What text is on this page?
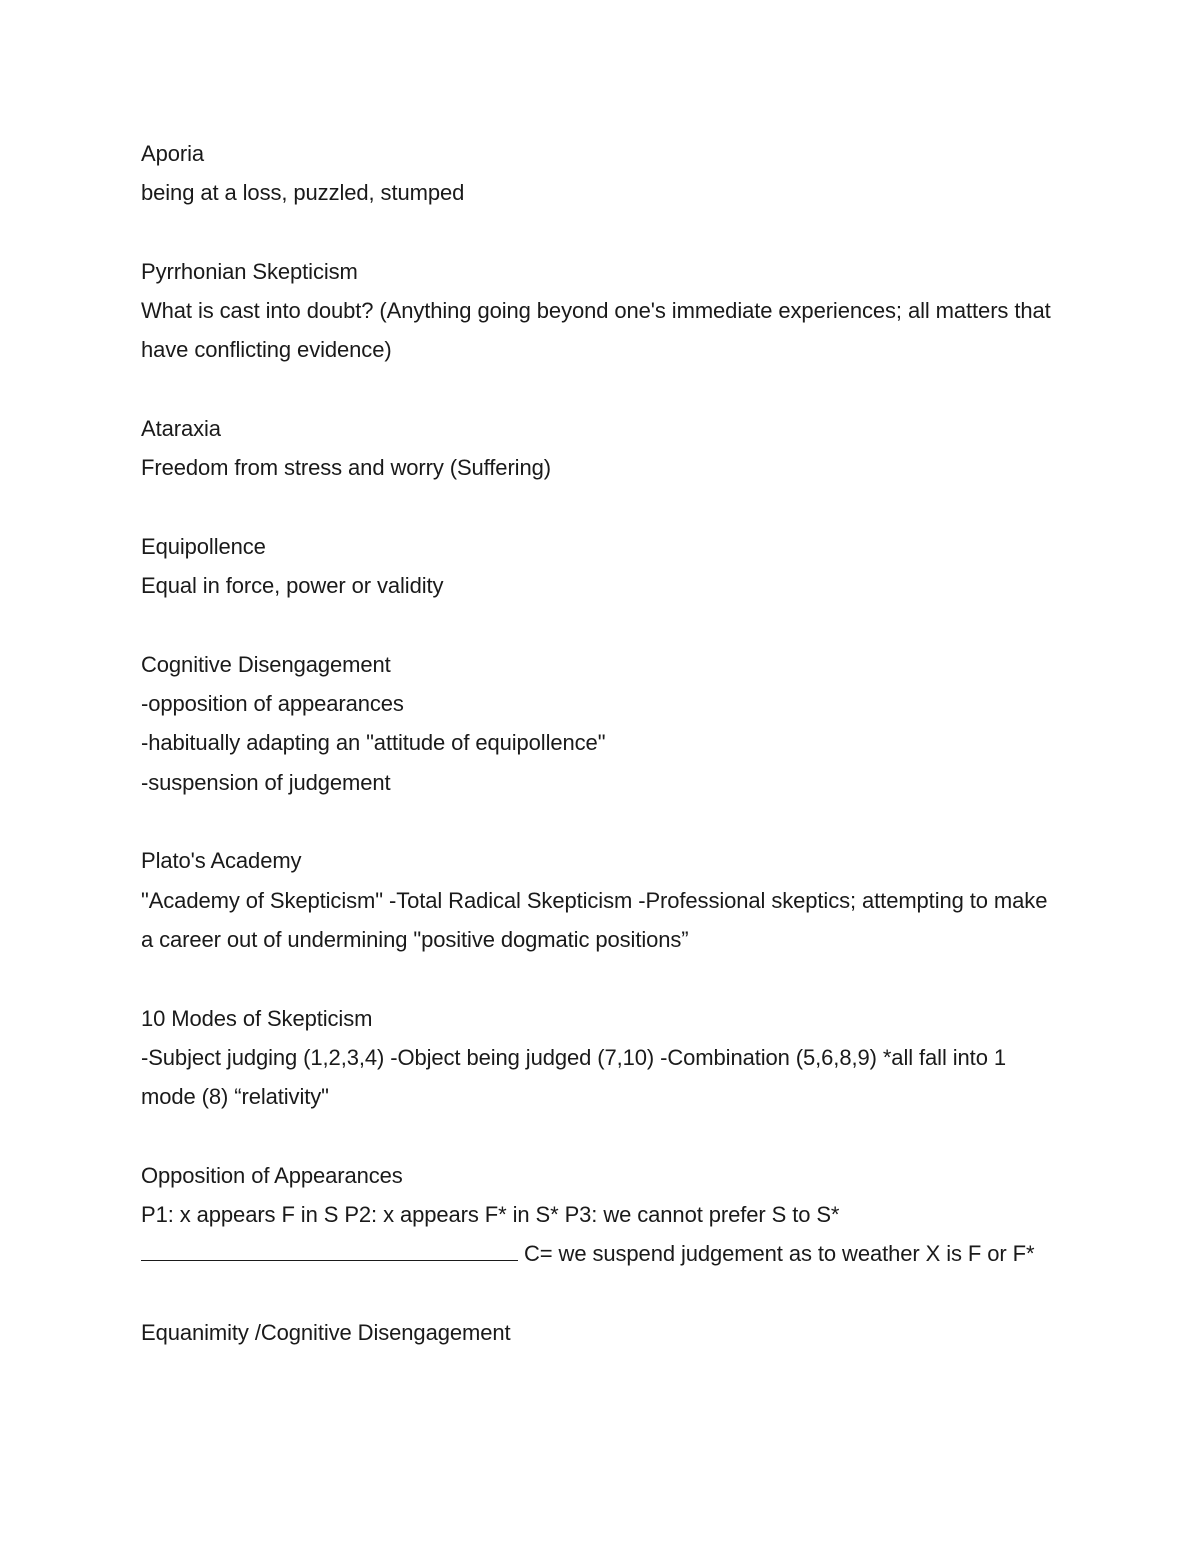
Aporia
being at a loss, puzzled, stumped
Pyrrhonian Skepticism
What is cast into doubt? (Anything going beyond one's immediate experiences; all matters that have conflicting evidence)
Ataraxia
Freedom from stress and worry (Suffering)
Equipollence
Equal in force, power or validity
Cognitive Disengagement
-opposition of appearances
-habitually adapting an "attitude of equipollence"
-suspension of judgement
Plato's Academy
"Academy of Skepticism" -Total Radical Skepticism -Professional skeptics; attempting to make a career out of undermining "positive dogmatic positions”
10 Modes of Skepticism
-Subject judging (1,2,3,4) -Object being judged (7,10) -Combination (5,6,8,9) *all fall into 1 mode (8) “relativity"
Opposition of Appearances
P1: x appears F in S P2: x appears F* in S* P3: we cannot prefer S to S*
C= we suspend judgement as to weather X is F or F*
Equanimity /Cognitive Disengagement
